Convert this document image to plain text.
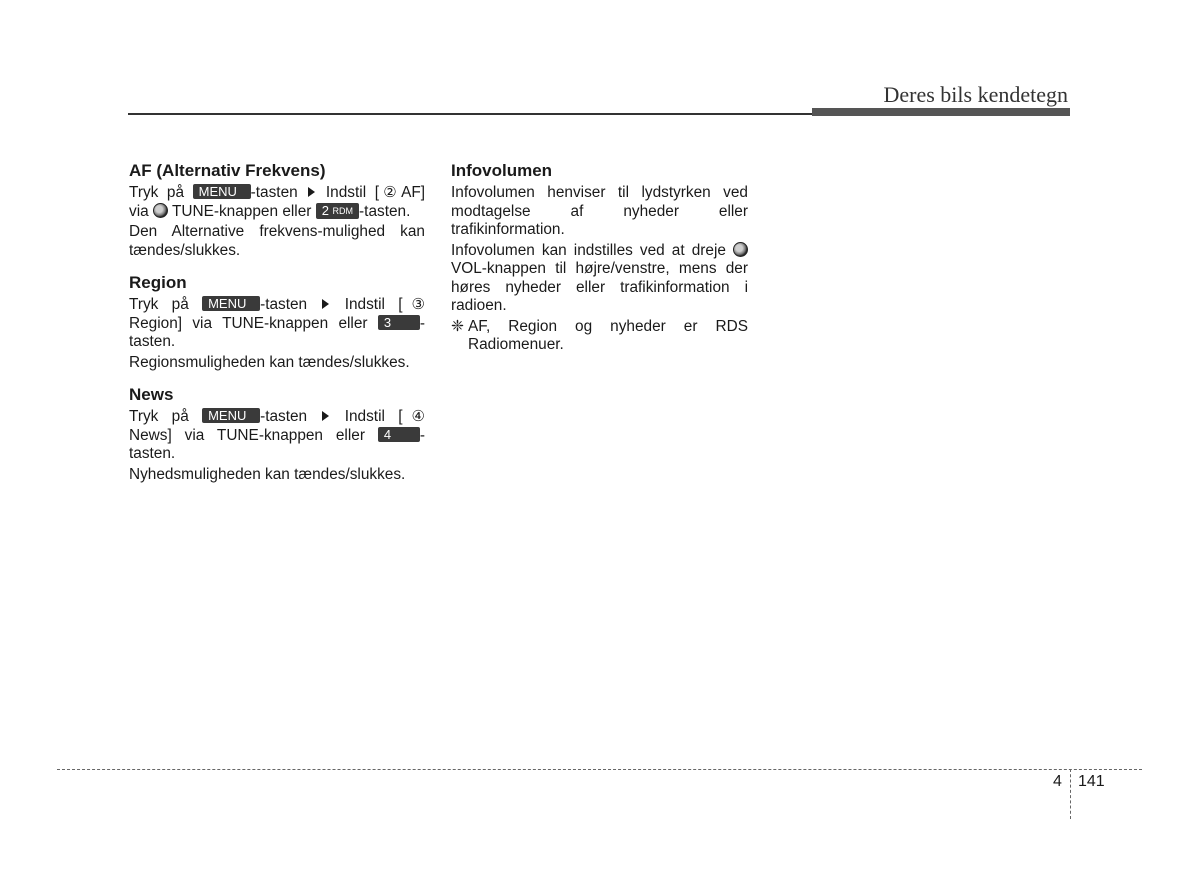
Deres bils kendetegn
AF (Alternativ Frekvens)
Tryk på MENU -tasten Indstil [②AF]
via TUNE-knappen eller 2 RDM -tasten.
Den Alternative frekvens-mulighed kan tændes/slukkes.
Region
Tryk på MENU -tasten Indstil [③
Region] via TUNE-knappen eller 3 -
tasten.
Regionsmuligheden kan tændes/slukkes.
News
Tryk på MENU -tasten Indstil [④
News] via TUNE-knappen eller 4 -
tasten.
Nyhedsmuligheden kan tændes/slukkes.
Infovolumen
Infovolumen henviser til lydstyrken ved modtagelse af nyheder eller trafikinformation.
Infovolumen kan indstilles ved at dreje  VOL-knappen til højre/venstre, mens der høres nyheder eller trafikinformation i radioen.
❈ AF, Region og nyheder er RDS Radiomenuer.
4 141
